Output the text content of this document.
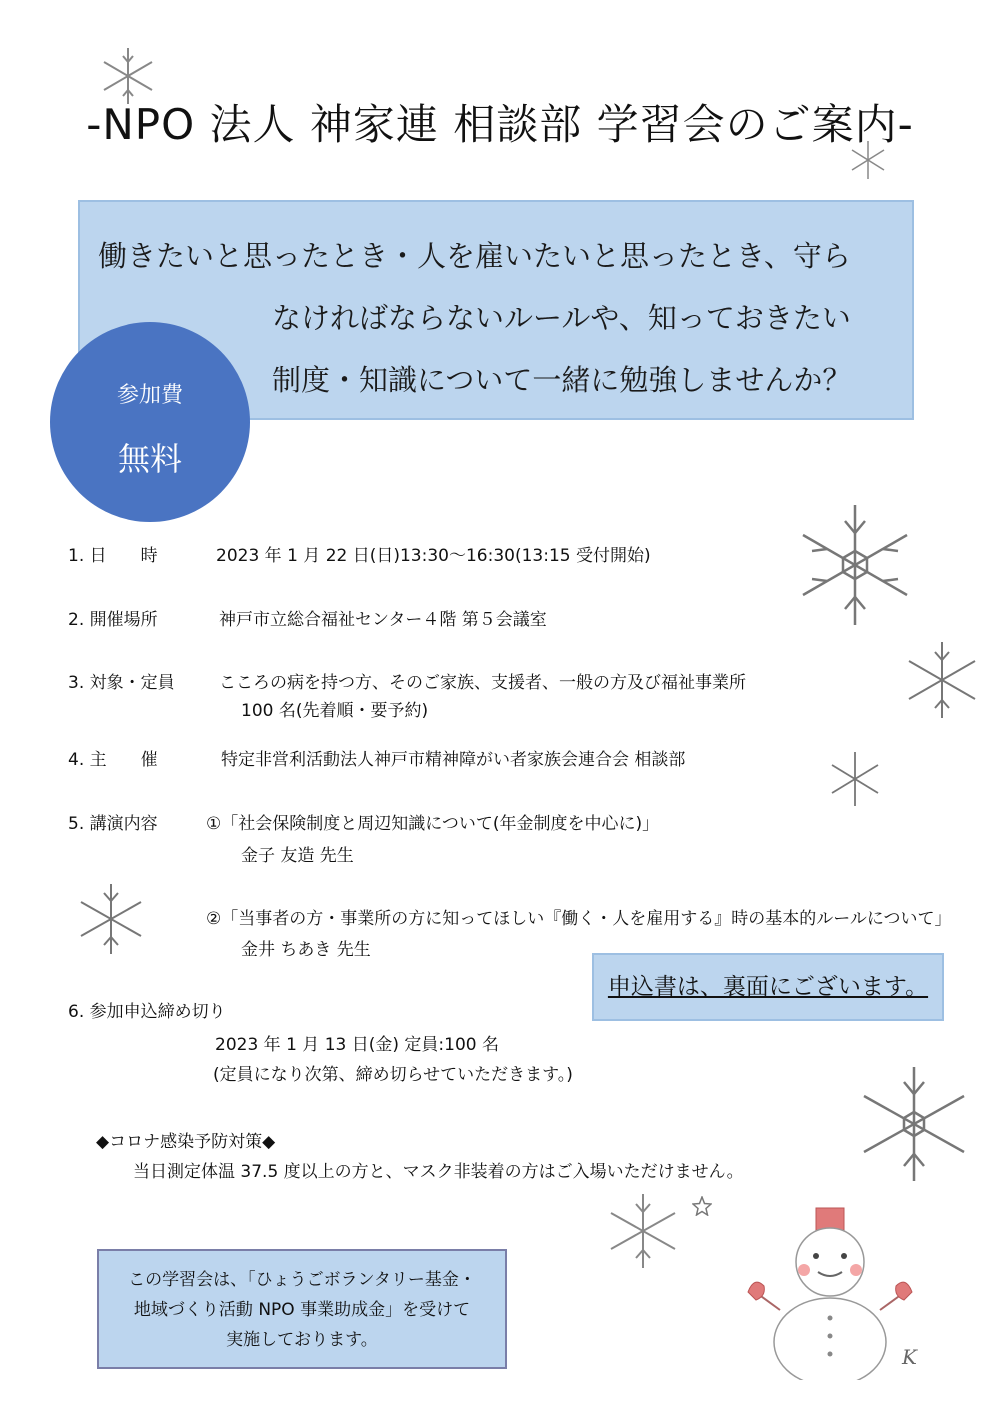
K
-NPO 法人 神家連 相談部 学習会のご案内-
働きたいと思ったとき・人を雇いたいと思ったとき、守ら
なければならないルールや、知っておきたい
制度・知識について一緒に勉強しませんか？
参加費
無料
1. 日　　時	2023 年 1 月 22 日(日)13:30～16:30(13:15 受付開始)
2. 開催場所	神戸市立総合福祉センター４階 第５会議室
3. 対象・定員	こころの病を持つ方、そのご家族、支援者、一般の方及び福祉事業所
100 名(先着順・要予約)
4. 主　　催	特定非営利活動法人神戸市精神障がい者家族会連合会 相談部
5. 講演内容	①「社会保険制度と周辺知識について(年金制度を中心に)」
金子 友造 先生
②「当事者の方・事業所の方に知ってほしい『働く・人を雇用する』時の基本的ルールについて」
金井 ちあき 先生
申込書は、裏面にございます。
6. 参加申込締め切り
2023 年 1 月 13 日(金) 定員:100 名
(定員になり次第、締め切らせていただきます。)
◆コロナ感染予防対策◆
当日測定体温 37.5 度以上の方と、マスク非装着の方はご入場いただけません。
この学習会は、「ひょうごボランタリー基金・
地域づくり活動 NPO 事業助成金」を受けて
実施しております。
